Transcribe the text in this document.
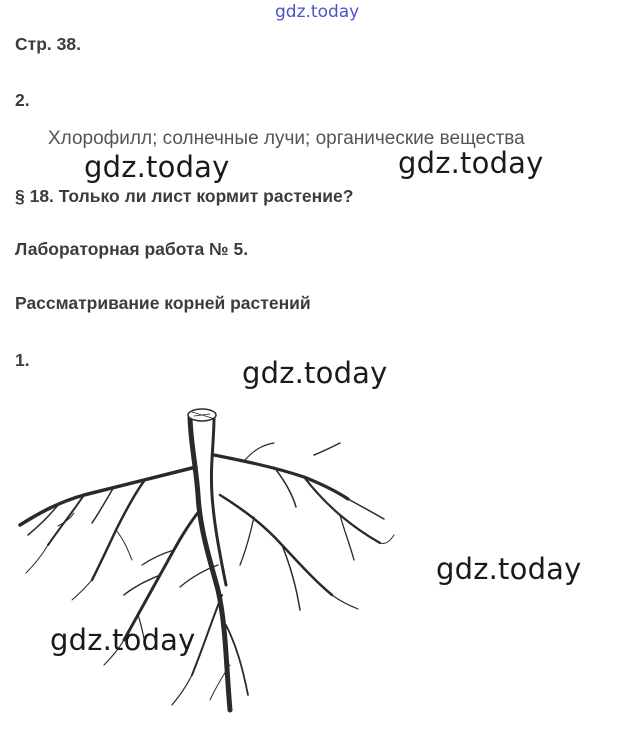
gdz.today
Стр. 38.
2.
Хлорофилл; солнечные лучи; органические вещества
gdz.today	gdz.today
§ 18. Только ли лист кормит растение?
Лабораторная работа № 5.
Рассматривание корней растений
1.	gdz.today
gdz.today
gdz.today
